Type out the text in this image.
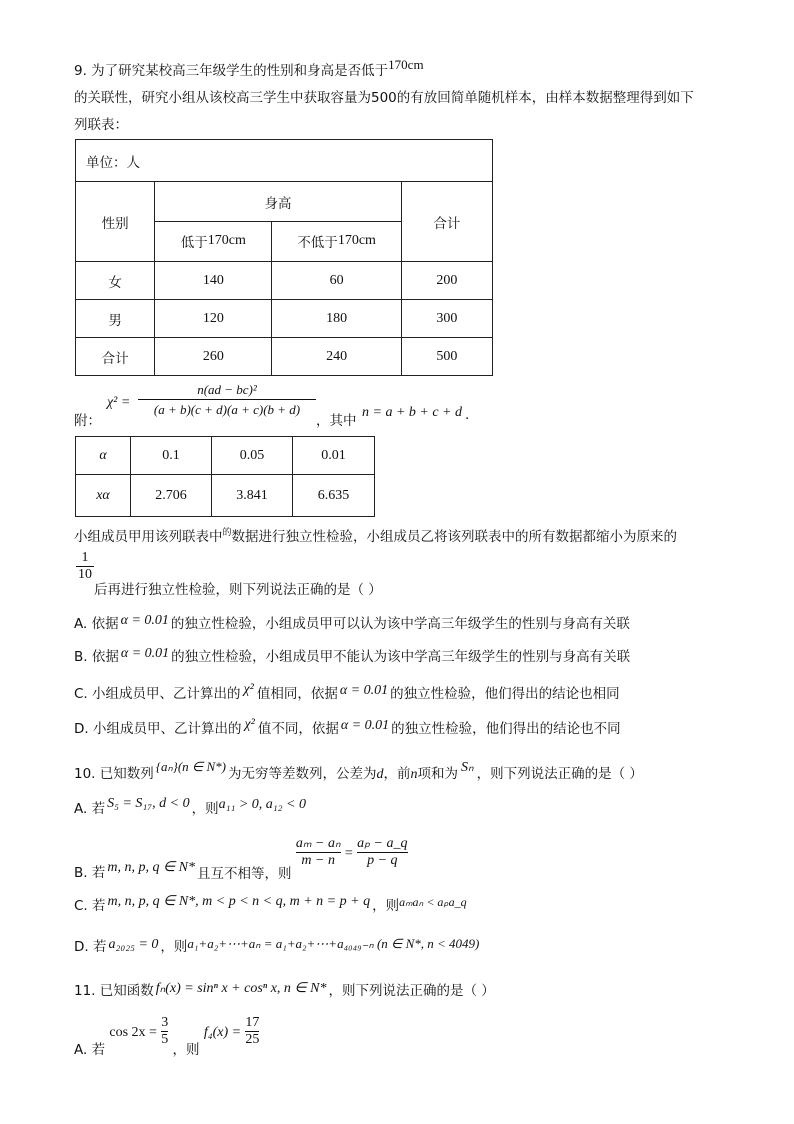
9. 为了研究某校高三年级学生的性别和身高是否低于170cm
的关联性，研究小组从该校高三学生中获取容量为500的有放回简单随机样本，由样本数据整理得到如下
列联表：
单位：人			
性别	身高		合计
	低于170cm	不低于170cm	
女	140	60	200
男	120	180	300
合计	260	240	500
附：
χ² =
n(ad − bc)²
(a + b)(c + d)(a + c)(b + d)
，其中
n = a + b + c + d .
α	0.1	0.05	0.01
xα	2.706	3.841	6.635
小组成员甲用该列联表中$^的$数据进行独立性检验，小组成员乙将该列联表中的所有数据都缩小为原来的
1
10
后再进行独立性检验，则下列说法正确的是（ ）
A. 依据 α = 0.01 的独立性检验，小组成员甲可以认为该中学高三年级学生的性别与身高有关联
B. 依据 α = 0.01 的独立性检验，小组成员甲不能认为该中学高三年级学生的性别与身高有关联
C. 小组成员甲、乙计算出的 χ² 值相同，依据 α = 0.01 的独立性检验，他们得出的结论也相同
D. 小组成员甲、乙计算出的 χ² 值不同，依据 α = 0.01 的独立性检验，他们得出的结论也不同
10. 已知数列 {aₙ}(n ∈ N*) 为无穷等差数列，公差为d，前n项和为 Sₙ ，则下列说法正确的是（ ）
A. 若 S₅ = S₁₇, d < 0 ，则a₁₁ > 0, a₁₂ < 0
B. 若 m, n, p, q ∈ N* 且互不相等，则
$\frac{\text{aₘ − aₙ}}{m - n} = \frac{\text{aₚ − a\_q}}{p - q}$
C. 若 m, n, p, q ∈ N*, m < p < n < q, m + n = p + q ，则aₘaₙ < aₚa_q
D. 若 a₂₀₂₅ = 0 ，则a₁+a₂+⋯+aₙ = a₁+a₂+⋯+a₄₀₄₉₋ₙ (n ∈ N*, n < 4049)
11. 已知函数 fₙ(x) = sinⁿ x + cosⁿ x, n ∈ N* ，则下列说法正确的是（ ）
A. 若 $\cos 2x = \frac{3}{5}$
，则 $f_4(x) = \frac{17}{25}$
